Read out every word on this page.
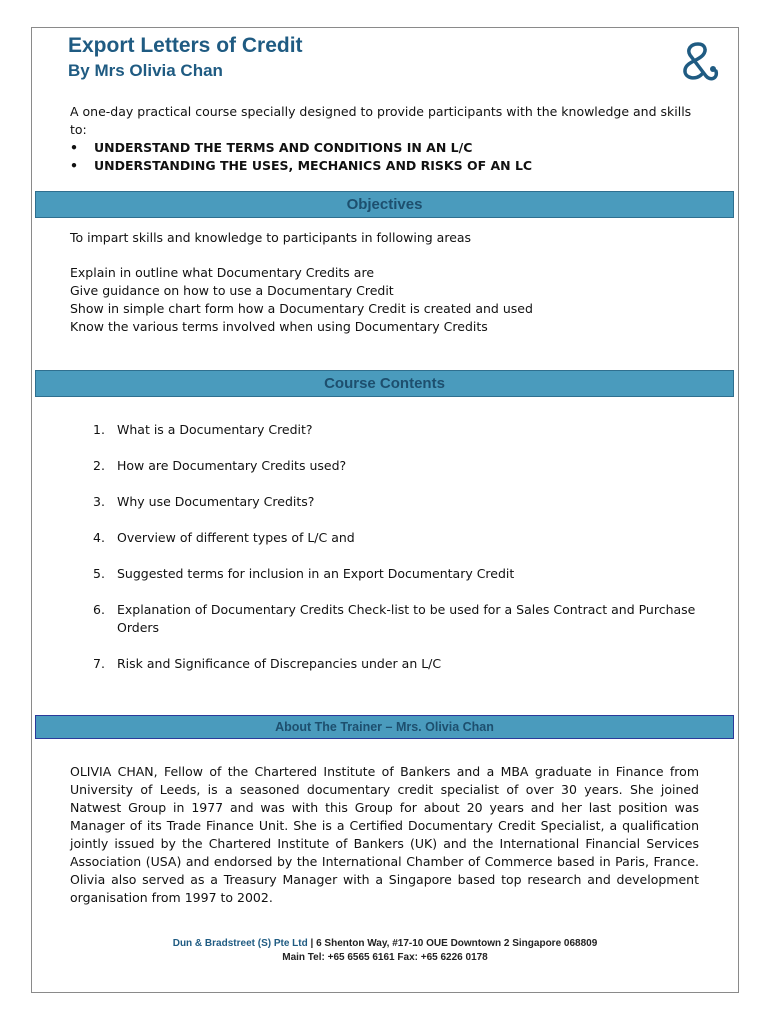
Export Letters of Credit
By Mrs Olivia Chan

A one-day practical course specially designed to provide participants with the knowledge and skills to:

• UNDERSTAND THE TERMS AND CONDITIONS IN AN L/C
• UNDERSTANDING THE USES, MECHANICS AND RISKS OF AN LC
Objectives

To impart skills and knowledge to participants in following areas

Explain in outline what Documentary Credits are

Give guidance on how to use a Documentary Credit

Show in simple chart form how a Documentary Credit is created and used

Know the various terms involved when using Documentary Credits

Course Contents
1. What is a Documentary Credit?
2. How are Documentary Credits used?
3. Why use Documentary Credits?
4. Overview of different types of L/C and
5. Suggested terms for inclusion in an Export Documentary Credit
6. Explanation of Documentary Credits Check-list to be used for a Sales Contract and Purchase Orders
7. Risk and Significance of Discrepancies under an L/C
About The Trainer – Mrs. Olivia Chan

OLIVIA CHAN, Fellow of the Chartered Institute of Bankers and a MBA graduate in Finance from University of Leeds, is a seasoned documentary credit specialist of over 30 years. She joined Natwest Group in 1977 and was with this Group for about 20 years and her last position was Manager of its Trade Finance Unit. She is a Certified Documentary Credit Specialist, a qualification jointly issued by the Chartered Institute of Bankers (UK) and the International Financial Services Association (USA) and endorsed by the International Chamber of Commerce based in Paris, France. Olivia also served as a Treasury Manager with a Singapore based top research and development organisation from 1997 to 2002.

Dun & Bradstreet (S) Pte Ltd | 6 Shenton Way, #17-10 OUE Downtown 2 Singapore 068809
Main Tel: +65 6565 6161 Fax: +65 6226 0178
